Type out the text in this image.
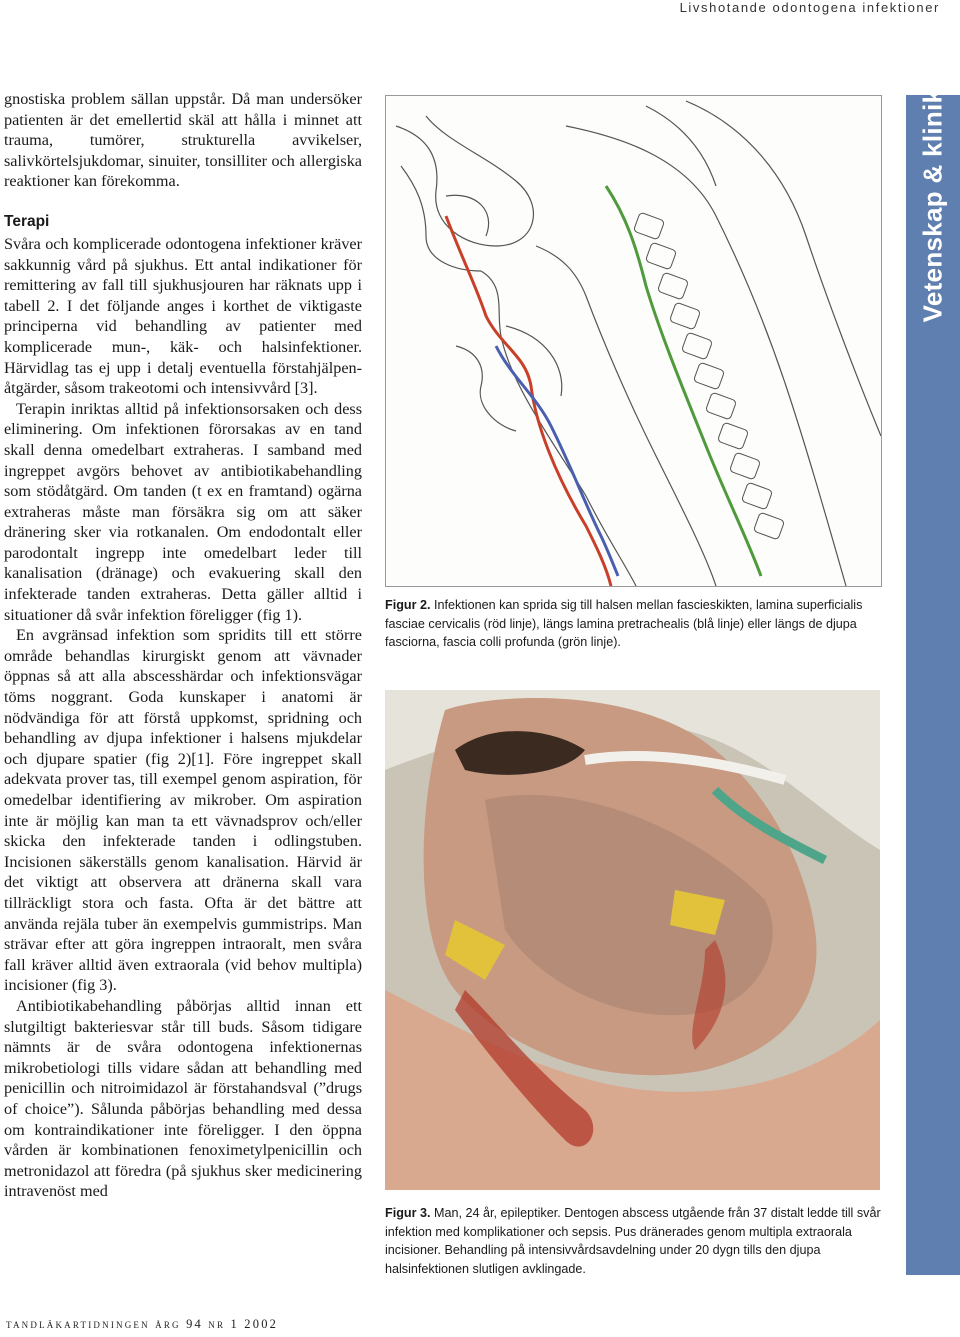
Livshotande odontogena infektioner
Vetenskap & klinik

gnostiska problem sällan uppstår. Då man undersöker patienten är det emellertid skäl att hålla i minnet att trauma, tumörer, strukturella avvikelser, salivkörtelsjukdomar, sinuiter, tonsilliter och allergiska reaktioner kan förekomma.

Terapi

Svåra och komplicerade odontogena infektioner kräver sakkunnig vård på sjukhus. Ett antal indikationer för remittering av fall till sjukhusjouren har räknats upp i tabell 2. I det följande anges i korthet de viktigaste principerna vid behandling av patienter med komplicerade mun-, käk- och halsinfektioner. Härvidlag tas ej upp i detalj eventuella förstahjälpen-åtgärder, såsom trakeotomi och intensivvård [3].

Terapin inriktas alltid på infektionsorsaken och dess eliminering. Om infektionen förorsakas av en tand skall denna omedelbart extraheras. I samband med ingreppet avgörs behovet av antibiotikabehandling som stödåtgärd. Om tanden (t ex en framtand) ogärna extraheras måste man försäkra sig om att säker dränering sker via rotkanalen. Om endodontalt eller parodontalt ingrepp inte omedelbart leder till kanalisation (dränage) och evakuering skall den infekterade tanden extraheras. Detta gäller alltid i situationer då svår infektion föreligger (fig 1).

En avgränsad infektion som spridits till ett större område behandlas kirurgiskt genom att vävnader öppnas så att alla abscesshärdar och infektionsvägar töms noggrant. Goda kunskaper i anatomi är nödvändiga för att förstå uppkomst, spridning och behandling av djupa infektioner i halsens mjukdelar och djupare spatier (fig 2)[1]. Före ingreppet skall adekvata prover tas, till exempel genom aspiration, för omedelbar identifiering av mikrober. Om aspiration inte är möjlig kan man ta ett vävnadsprov och/eller skicka den infekterade tanden i odlingstuben. Incisionen säkerställs genom kanalisation. Härvid är det viktigt att observera att dränerna skall vara tillräckligt stora och fasta. Ofta är det bättre att använda rejäla tuber än exempelvis gummistrips. Man strävar efter att göra ingreppen intraoralt, men svåra fall kräver alltid även extraorala (vid behov multipla) incisioner (fig 3).

Antibiotikabehandling påbörjas alltid innan ett slutgiltigt bakteriesvar står till buds. Såsom tidigare nämnts är de svåra odontogena infektionernas mikrobetiologi tills vidare sådan att behandling med penicillin och nitroimidazol är förstahandsval (”drugs of choice”). Sålunda påbörjas behandling med dessa om kontraindikationer inte föreligger. I den öppna vården är kombinationen fenoximetylpenicillin och metronidazol att föredra (på sjukhus sker medicinering intravenöst med

Figur 2. Infektionen kan sprida sig till halsen mellan fascieskikten, lamina superficialis fasciae cervicalis (röd linje), längs lamina pretrachealis (blå linje) eller längs de djupa fasciorna, fascia colli profunda (grön linje).
Figur 3. Man, 24 år, epileptiker. Dentogen abscess utgående från 37 distalt ledde till svår infektion med komplikationer och sepsis. Pus dränerades genom multipla extraorala incisioner. Behandling på intensivvårdsavdelning under 20 dygn tills den djupa halsinfektionen slutligen avklingade.
tandläkartidningen årg 94 nr 1 2002
